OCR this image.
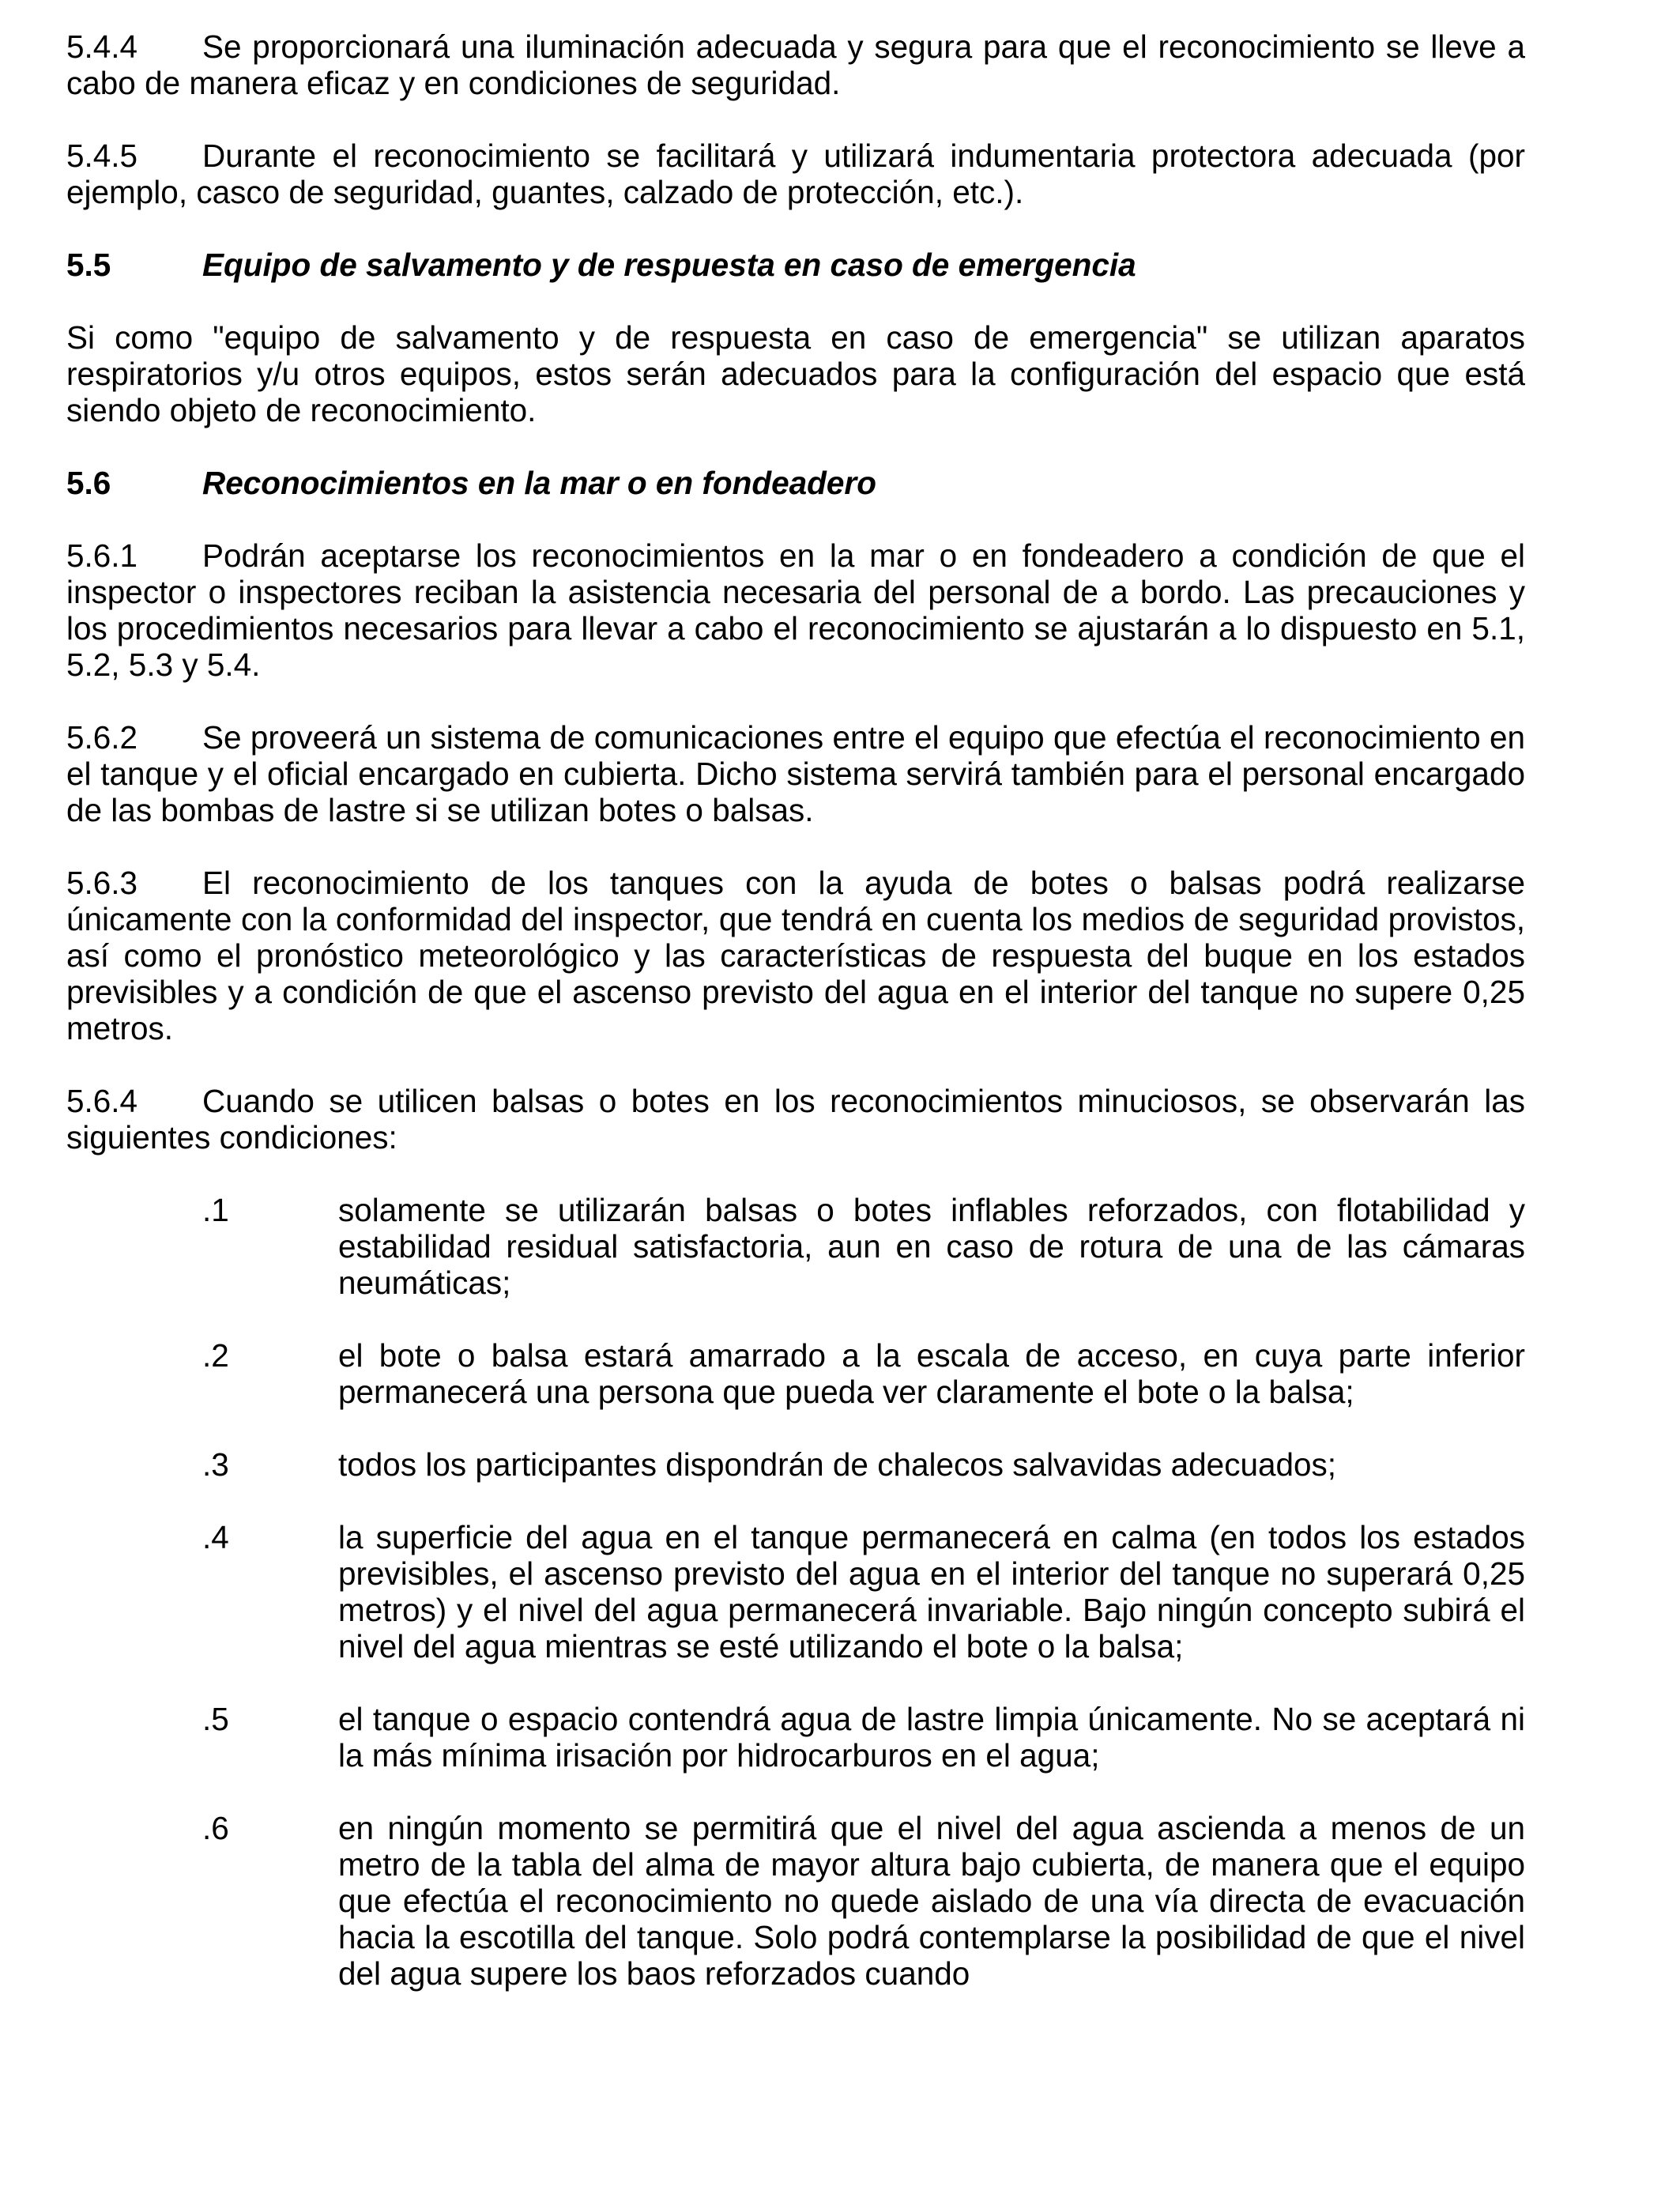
5.4.4 Se proporcionará una iluminación adecuada y segura para que el reconocimiento se lleve a cabo de manera eficaz y en condiciones de seguridad.

5.4.5 Durante el reconocimiento se facilitará y utilizará indumentaria protectora adecuada (por ejemplo, casco de seguridad, guantes, calzado de protección, etc.).

5.5	Equipo de salvamento y de respuesta en caso de emergencia

Si como "equipo de salvamento y de respuesta en caso de emergencia" se utilizan aparatos respiratorios y/u otros equipos, estos serán adecuados para la configuración del espacio que está siendo objeto de reconocimiento.

5.6	Reconocimientos en la mar o en fondeadero

5.6.1 Podrán aceptarse los reconocimientos en la mar o en fondeadero a condición de que el inspector o inspectores reciban la asistencia necesaria del personal de a bordo. Las precauciones y los procedimientos necesarios para llevar a cabo el reconocimiento se ajustarán a lo dispuesto en 5.1, 5.2, 5.3 y 5.4.

5.6.2 Se proveerá un sistema de comunicaciones entre el equipo que efectúa el reconocimiento en el tanque y el oficial encargado en cubierta. Dicho sistema servirá también para el personal encargado de las bombas de lastre si se utilizan botes o balsas.

5.6.3 El reconocimiento de los tanques con la ayuda de botes o balsas podrá realizarse únicamente con la conformidad del inspector, que tendrá en cuenta los medios de seguridad provistos, así como el pronóstico meteorológico y las características de respuesta del buque en los estados previsibles y a condición de que el ascenso previsto del agua en el interior del tanque no supere 0,25 metros.

5.6.4 Cuando se utilicen balsas o botes en los reconocimientos minuciosos, se observarán las siguientes condiciones:

.1	solamente se utilizarán balsas o botes inflables reforzados, con flotabilidad y estabilidad residual satisfactoria, aun en caso de rotura de una de las cámaras neumáticas;
.2	el bote o balsa estará amarrado a la escala de acceso, en cuya parte inferior permanecerá una persona que pueda ver claramente el bote o la balsa;
.3	todos los participantes dispondrán de chalecos salvavidas adecuados;
.4	la superficie del agua en el tanque permanecerá en calma (en todos los estados previsibles, el ascenso previsto del agua en el interior del tanque no superará 0,25 metros) y el nivel del agua permanecerá invariable. Bajo ningún concepto subirá el nivel del agua mientras se esté utilizando el bote o la balsa;
.5	el tanque o espacio contendrá agua de lastre limpia únicamente. No se aceptará ni la más mínima irisación por hidrocarburos en el agua;
.6	en ningún momento se permitirá que el nivel del agua ascienda a menos de un metro de la tabla del alma de mayor altura bajo cubierta, de manera que el equipo que efectúa el reconocimiento no quede aislado de una vía directa de evacuación hacia la escotilla del tanque. Solo podrá contemplarse la posibilidad de que el nivel del agua supere los baos reforzados cuando
